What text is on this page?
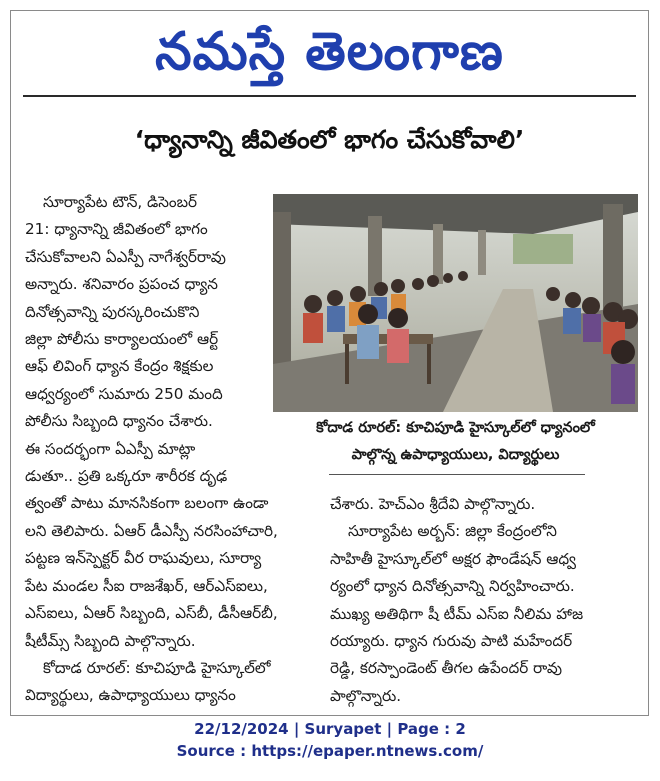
నమస్తే తెలంగాణ
‘ధ్యానాన్ని జీవితంలో భాగం చేసుకోవాలి’

సూర్యాపేట టౌన్, డిసెంబర్

21: ధ్యానాన్ని జీవితంలో భాగం

చేసుకోవాలని ఏఎస్పీ నాగేశ్వర్‌రావు

అన్నారు. శనివారం ప్రపంచ ధ్యాన

దినోత్సవాన్ని పురస్కరించుకొని

జిల్లా పోలీసు కార్యాలయంలో ఆర్ట్

ఆఫ్ లివింగ్ ధ్యాన కేంద్రం శిక్షకుల

ఆధ్వర్యంలో సుమారు 250 మంది

పోలీసు సిబ్బంది ధ్యానం చేశారు.

ఈ సందర్భంగా ఏఎస్పీ మాట్లా

డుతూ.. ప్రతి ఒక్కరూ శారీరక దృఢ

త్వంతో పాటు మానసికంగా బలంగా ఉండా

లని తెలిపారు. ఏఆర్ డీఎస్పీ నరసింహాచారి,

పట్టణ ఇన్‌స్పెక్టర్ వీర రాఘవులు, సూర్యా

పేట మండల సీఐ రాజశేఖర్, ఆర్ఎస్ఐలు,

ఎస్ఐలు, ఏఆర్ సిబ్బంది, ఎస్‌బీ, డీసీఆర్‌బీ,

షీటీమ్స్ సిబ్బంది పాల్గొన్నారు.

కోదాడ రూరల్: కూచిపూడి హైస్కూల్‌లో

విద్యార్థులు, ఉపాధ్యాయులు ధ్యానం

కోదాడ రూరల్: కూచిపూడి హైస్కూల్‌లో ధ్యానంలో
పాల్గొన్న ఉపాధ్యాయులు, విద్యార్థులు

చేశారు. హెచ్ఎం శ్రీదేవి పాల్గొన్నారు.

సూర్యాపేట అర్బన్: జిల్లా కేంద్రంలోని

సాహితీ హైస్కూల్‌లో అక్షర ఫౌండేషన్ ఆధ్వ

ర్యంలో ధ్యాన దినోత్సవాన్ని నిర్వహించారు.

ముఖ్య అతిథిగా షీ టీమ్ ఎస్ఐ నీలిమ హాజ

రయ్యారు. ధ్యాన గురువు పాటి మహేందర్

రెడ్డి, కరస్పాండెంట్ తీగల ఉపేందర్ రావు

పాల్గొన్నారు.

22/12/2024 | Suryapet | Page : 2
Source : https://epaper.ntnews.com/
